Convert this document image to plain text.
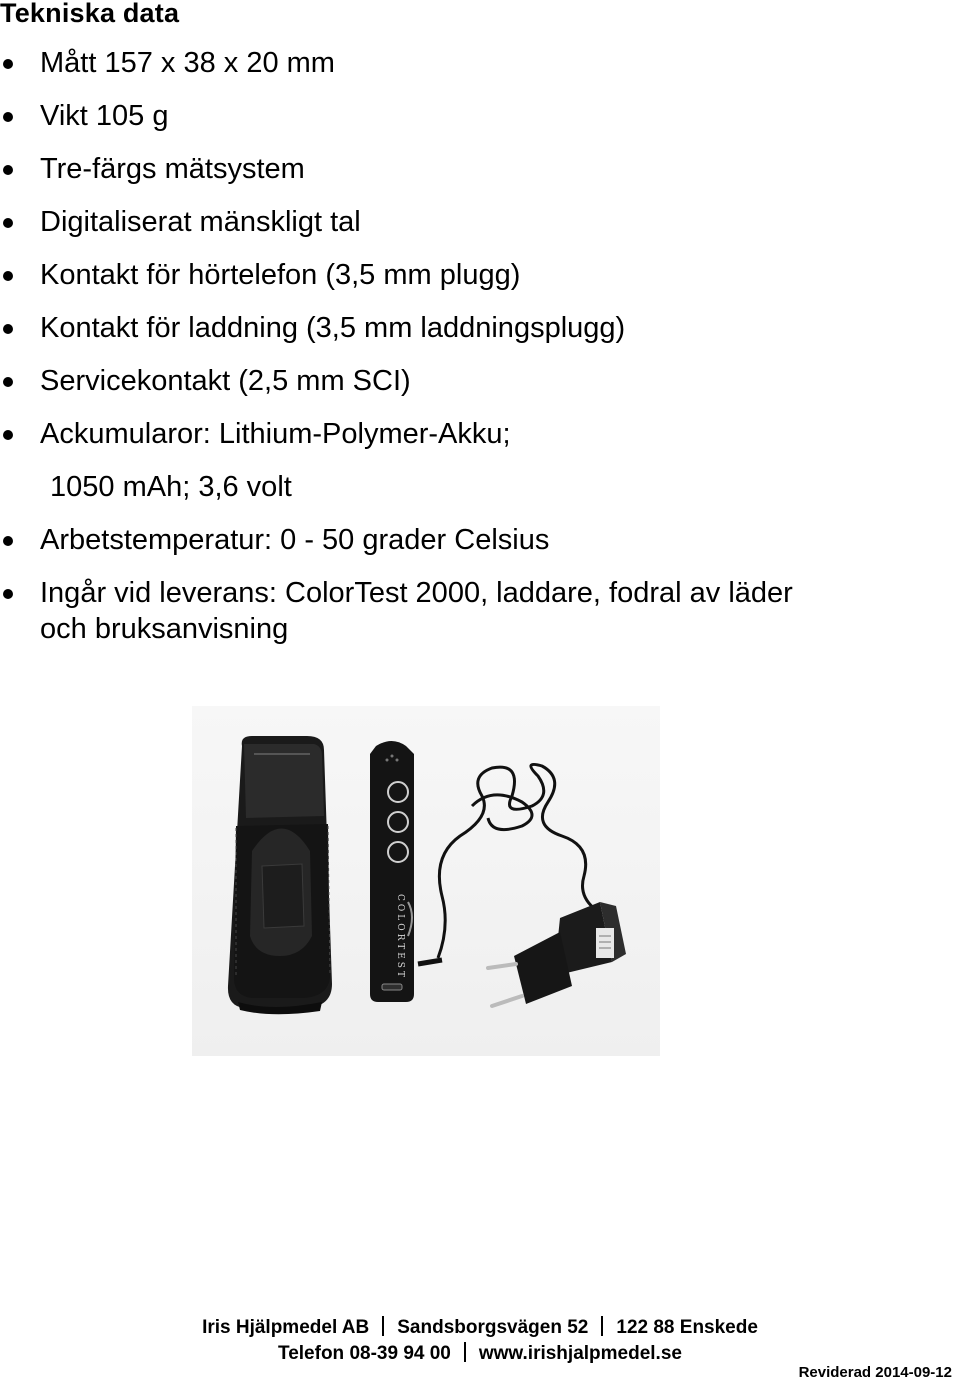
Tekniska data
Mått 157 x 38 x 20 mm
Vikt 105 g
Tre-färgs mätsystem
Digitaliserat mänskligt tal
Kontakt för hörtelefon (3,5 mm plugg)
Kontakt för laddning (3,5 mm laddningsplugg)
Servicekontakt (2,5 mm SCI)
Ackumularor: Lithium-Polymer-Akku;
1050 mAh; 3,6 volt
Arbetstemperatur: 0 - 50 grader Celsius
Ingår vid leverans: ColorTest 2000, laddare, fodral av läder
och bruksanvisning
COLORTEST
Iris Hjälpmedel AB Sandsborgsvägen 52 122 88 Enskede
Telefon 08-39 94 00 www.irishjalpmedel.se
Reviderad 2014-09-12
